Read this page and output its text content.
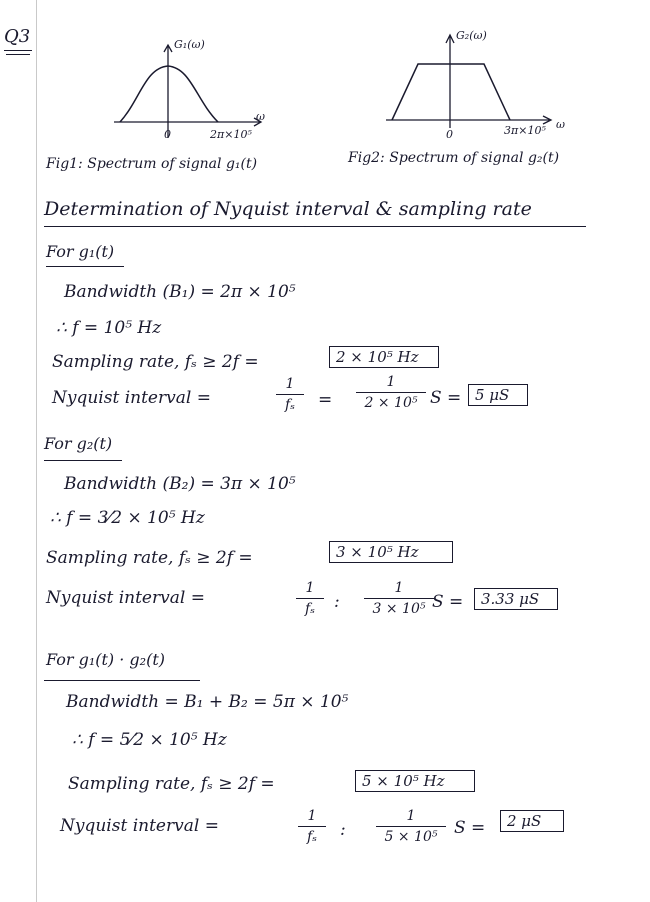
Q3	G₁(ω)
ω
0	2π×10⁵
Fig1: Spectrum of signal g₁(t)
G₂(ω)
ω
0	3π×10⁵
Fig2: Spectrum of signal g₂(t)
Determination of Nyquist interval & sampling rate
For g₁(t)
Bandwidth (B₁) = 2π × 10⁵
∴ f = 10⁵ Hz
Sampling rate, fₛ ≥ 2f =	2 × 10⁵ Hz
Nyquist interval =
1
fₛ =
1
2 × 10⁵ S = 5 μS
For g₂(t)
Bandwidth (B₂) = 3π × 10⁵
∴ f = 3⁄2 × 10⁵ Hz
Sampling rate, fₛ ≥ 2f =	3 × 10⁵ Hz
Nyquist interval =	1
fₛ :
1
3 × 10⁵ S =	3.33 μS
For g₁(t) · g₂(t)
Bandwidth = B₁ + B₂ = 5π × 10⁵
∴ f = 5⁄2 × 10⁵ Hz
Sampling rate, fₛ ≥ 2f =	5 × 10⁵ Hz
Nyquist interval =	1
fₛ :
1
5 × 10⁵ S =	2 μS
